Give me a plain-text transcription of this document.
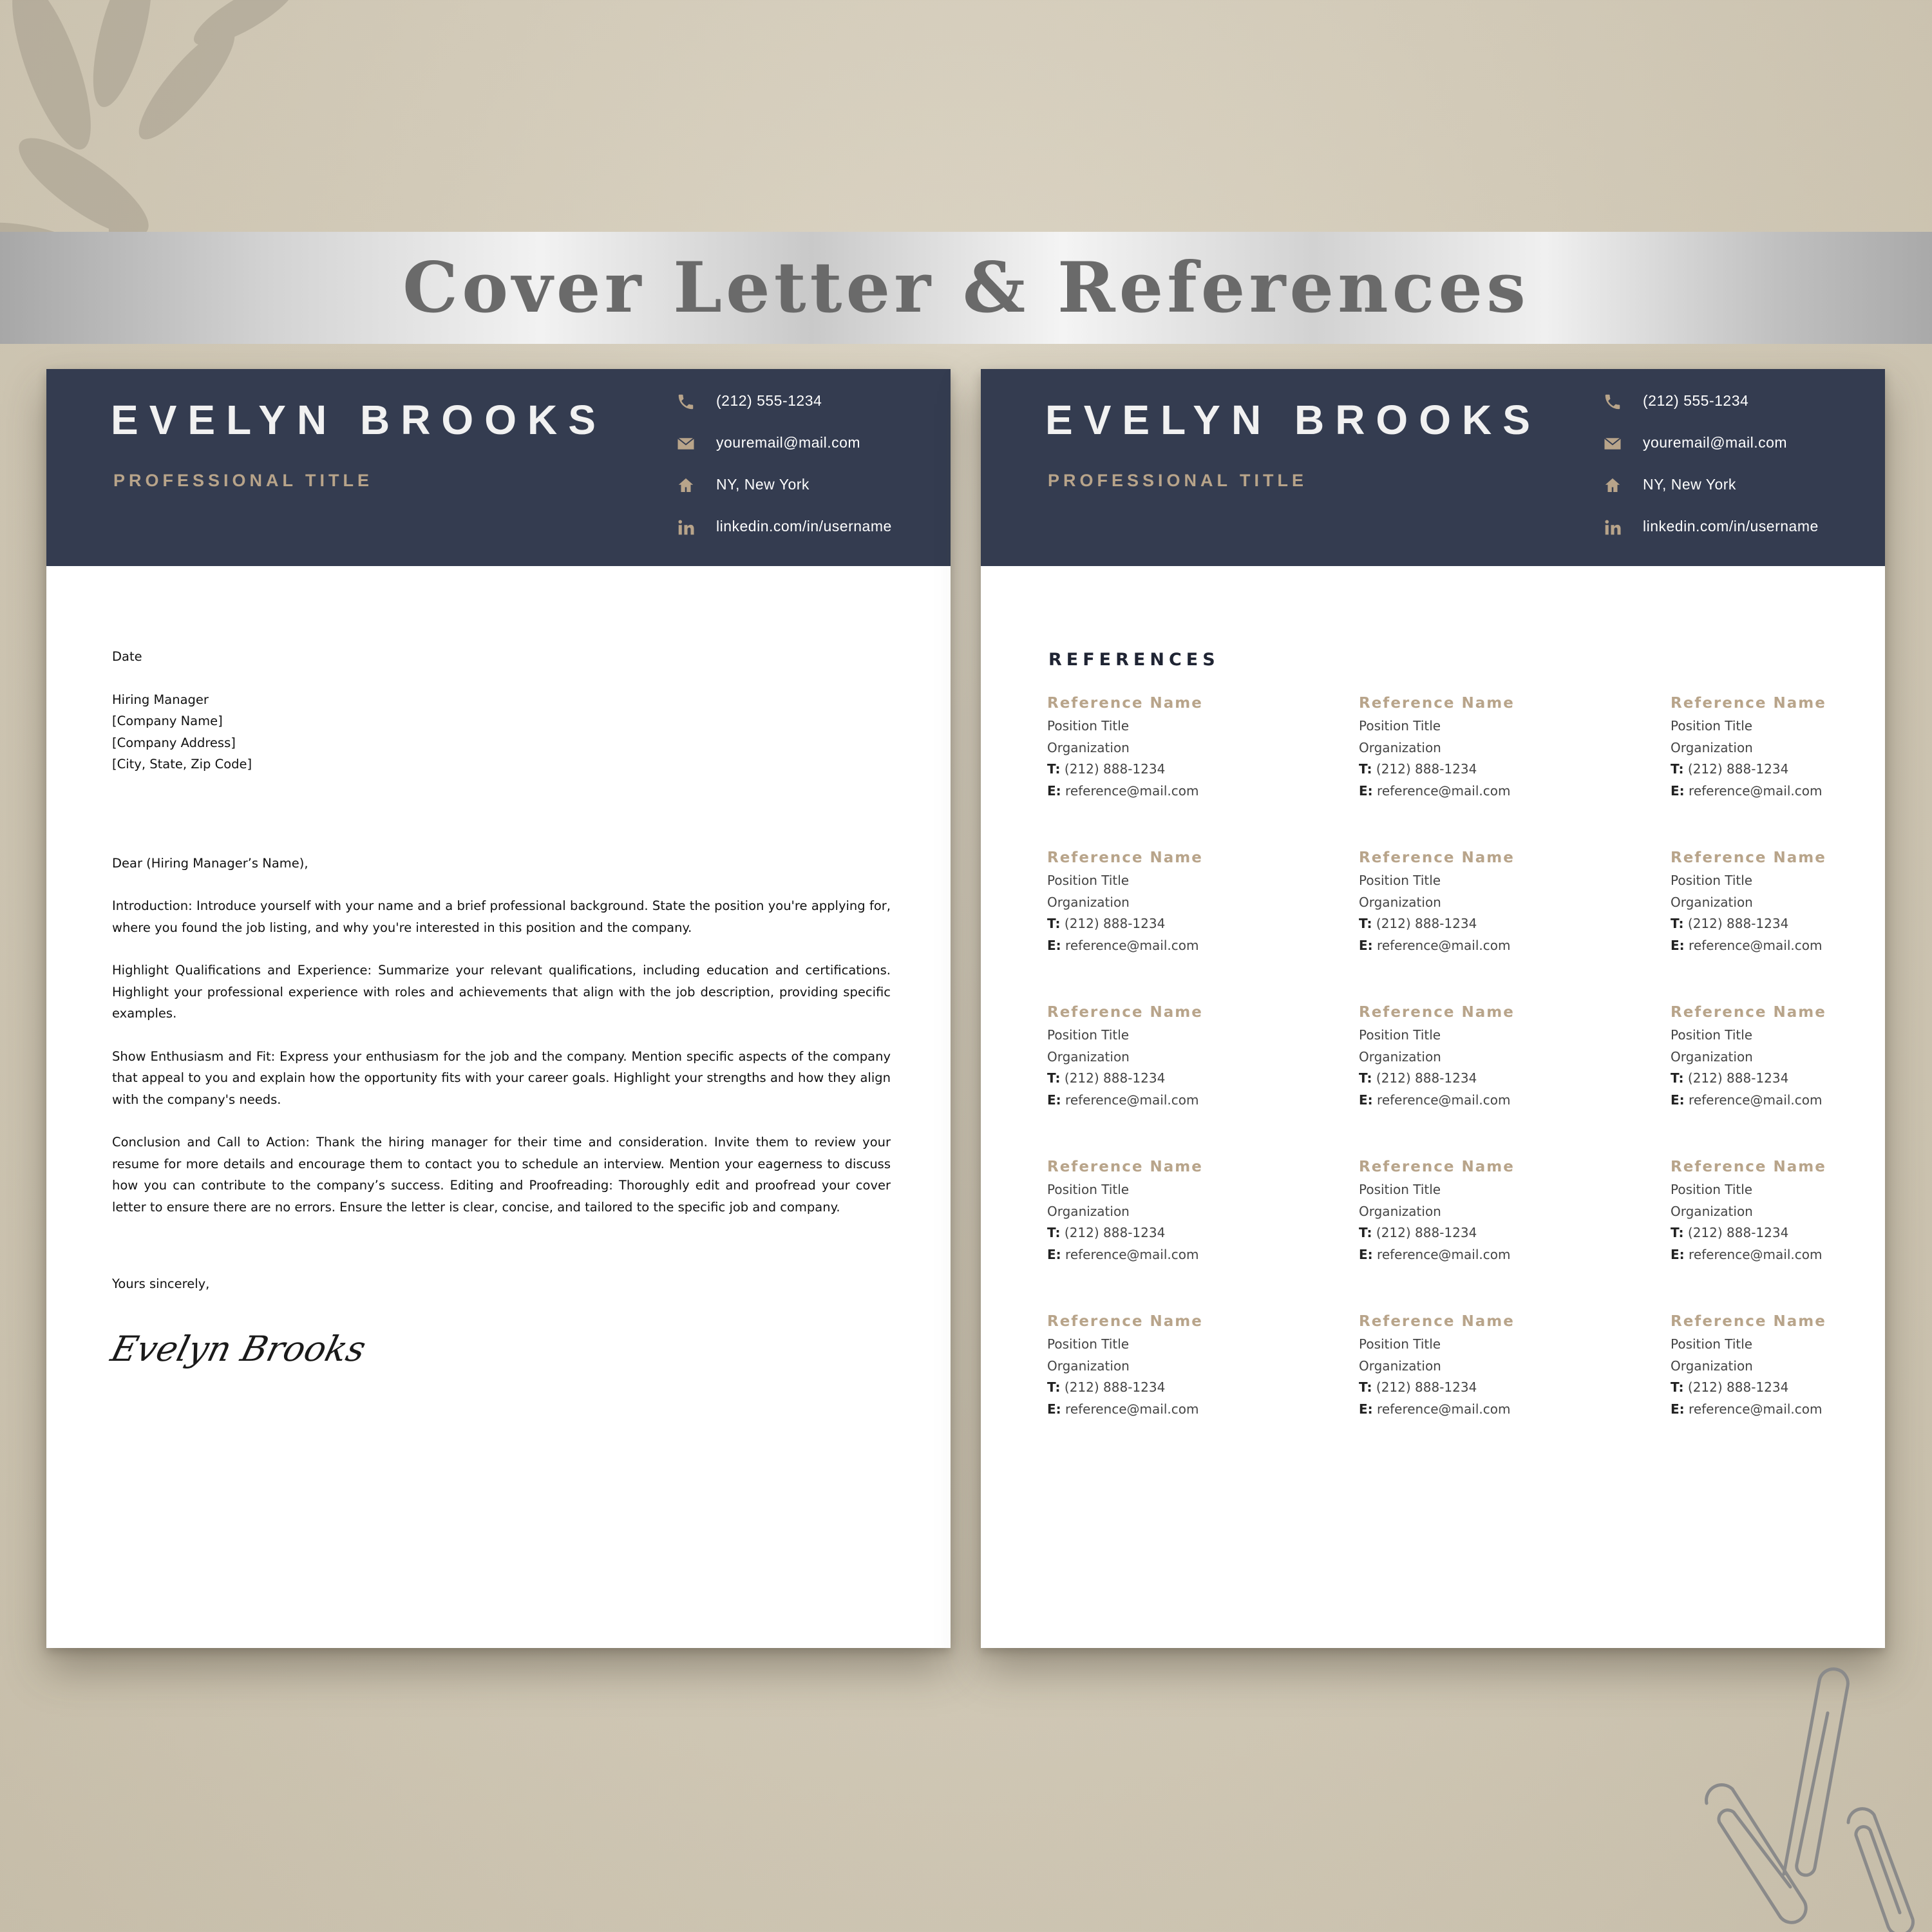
Cover Letter & References
EVELYN BROOKS
PROFESSIONAL TITLE
(212) 555-1234
youremail@mail.com
NY, New York
linkedin.com/in/username

Date

Hiring Manager

[Company Name]

[Company Address]

[City, State, Zip Code]

Dear (Hiring Manager’s Name),

Introduction: Introduce yourself with your name and a brief professional background. State the position you're applying for, where you found the job listing, and why you're interested in this position and the company.

Highlight Qualifications and Experience: Summarize your relevant qualifications, including education and certifications. Highlight your professional experience with roles and achievements that align with the job description, providing specific examples.

Show Enthusiasm and Fit: Express your enthusiasm for the job and the company. Mention specific aspects of the company that appeal to you and explain how the opportunity fits with your career goals. Highlight your strengths and how they align with the company's needs.

Conclusion and Call to Action: Thank the hiring manager for their time and consideration. Invite them to review your resume for more details and encourage them to contact you to schedule an interview. Mention your eagerness to discuss how you can contribute to the company’s success. Editing and Proofreading: Thoroughly edit and proofread your cover letter to ensure there are no errors. Ensure the letter is clear, concise, and tailored to the specific job and company.

Yours sincerely,

Evelyn Brooks
EVELYN BROOKS
PROFESSIONAL TITLE
(212) 555-1234
youremail@mail.com
NY, New York
linkedin.com/in/username
REFERENCES
Reference Name
Position Title
Organization
T: (212) 888-1234
E: reference@mail.com
Reference Name
Position Title
Organization
T: (212) 888-1234
E: reference@mail.com
Reference Name
Position Title
Organization
T: (212) 888-1234
E: reference@mail.com
Reference Name
Position Title
Organization
T: (212) 888-1234
E: reference@mail.com
Reference Name
Position Title
Organization
T: (212) 888-1234
E: reference@mail.com
Reference Name
Position Title
Organization
T: (212) 888-1234
E: reference@mail.com
Reference Name
Position Title
Organization
T: (212) 888-1234
E: reference@mail.com
Reference Name
Position Title
Organization
T: (212) 888-1234
E: reference@mail.com
Reference Name
Position Title
Organization
T: (212) 888-1234
E: reference@mail.com
Reference Name
Position Title
Organization
T: (212) 888-1234
E: reference@mail.com
Reference Name
Position Title
Organization
T: (212) 888-1234
E: reference@mail.com
Reference Name
Position Title
Organization
T: (212) 888-1234
E: reference@mail.com
Reference Name
Position Title
Organization
T: (212) 888-1234
E: reference@mail.com
Reference Name
Position Title
Organization
T: (212) 888-1234
E: reference@mail.com
Reference Name
Position Title
Organization
T: (212) 888-1234
E: reference@mail.com
